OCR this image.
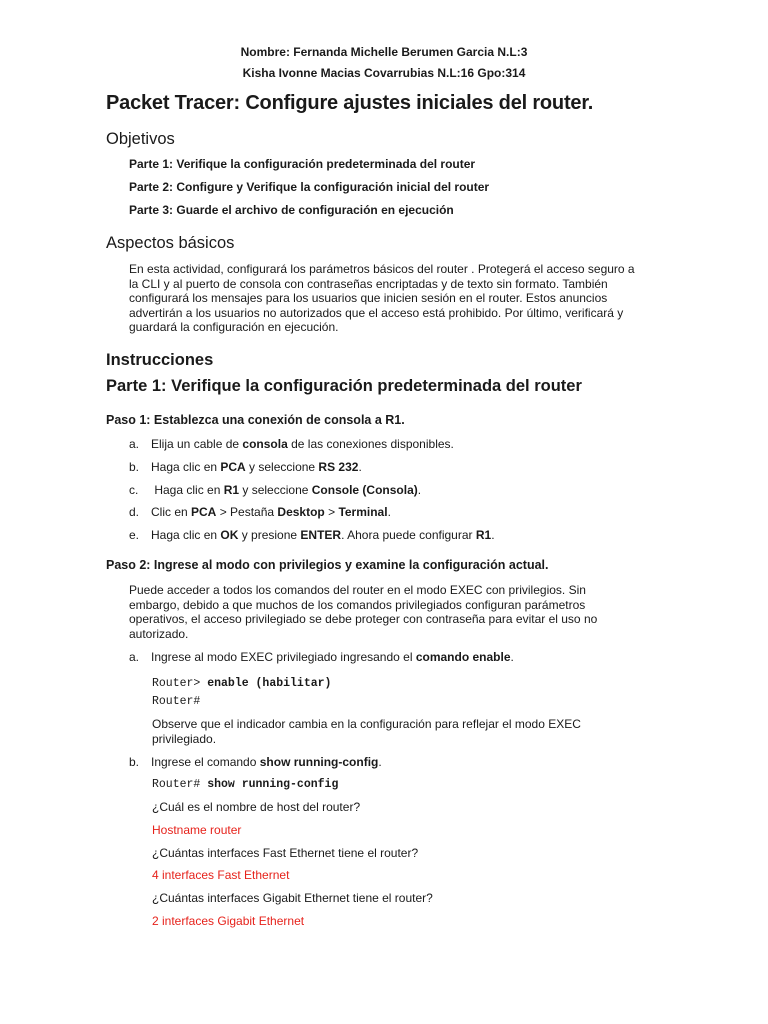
Nombre: Fernanda Michelle Berumen Garcia N.L:3
Kisha Ivonne Macias Covarrubias N.L:16 Gpo:314
Packet Tracer: Configure ajustes iniciales del router.
Objetivos
Parte 1: Verifique la configuración predeterminada del router
Parte 2: Configure y Verifique la configuración inicial del router
Parte 3: Guarde el archivo de configuración en ejecución
Aspectos básicos
En esta actividad, configurará los parámetros básicos del router . Protegerá el acceso seguro a
la CLI y al puerto de consola con contraseñas encriptadas y de texto sin formato. También
configurará los mensajes para los usuarios que inicien sesión en el router. Estos anuncios
advertirán a los usuarios no autorizados que el acceso está prohibido. Por último, verificará y
guardará la configuración en ejecución.
Instrucciones
Parte 1: Verifique la configuración predeterminada del router
Paso 1: Establezca una conexión de consola a R1.
a. Elija un cable de consola de las conexiones disponibles.
b. Haga clic en PCA y seleccione RS 232.
c. Haga clic en R1 y seleccione Console (Consola).
d. Clic en PCA > Pestaña Desktop > Terminal.
e. Haga clic en OK y presione ENTER. Ahora puede configurar R1.
Paso 2: Ingrese al modo con privilegios y examine la configuración actual.
Puede acceder a todos los comandos del router en el modo EXEC con privilegios. Sin
embargo, debido a que muchos de los comandos privilegiados configuran parámetros
operativos, el acceso privilegiado se debe proteger con contraseña para evitar el uso no
autorizado.
a. Ingrese al modo EXEC privilegiado ingresando el comando enable.
Router> enable (habilitar)
Router#
Observe que el indicador cambia en la configuración para reflejar el modo EXEC
privilegiado.
b. Ingrese el comando show running-config.
Router# show running-config
¿Cuál es el nombre de host del router?
Hostname router
¿Cuántas interfaces Fast Ethernet tiene el router?
4 interfaces Fast Ethernet
¿Cuántas interfaces Gigabit Ethernet tiene el router?
2 interfaces Gigabit Ethernet
